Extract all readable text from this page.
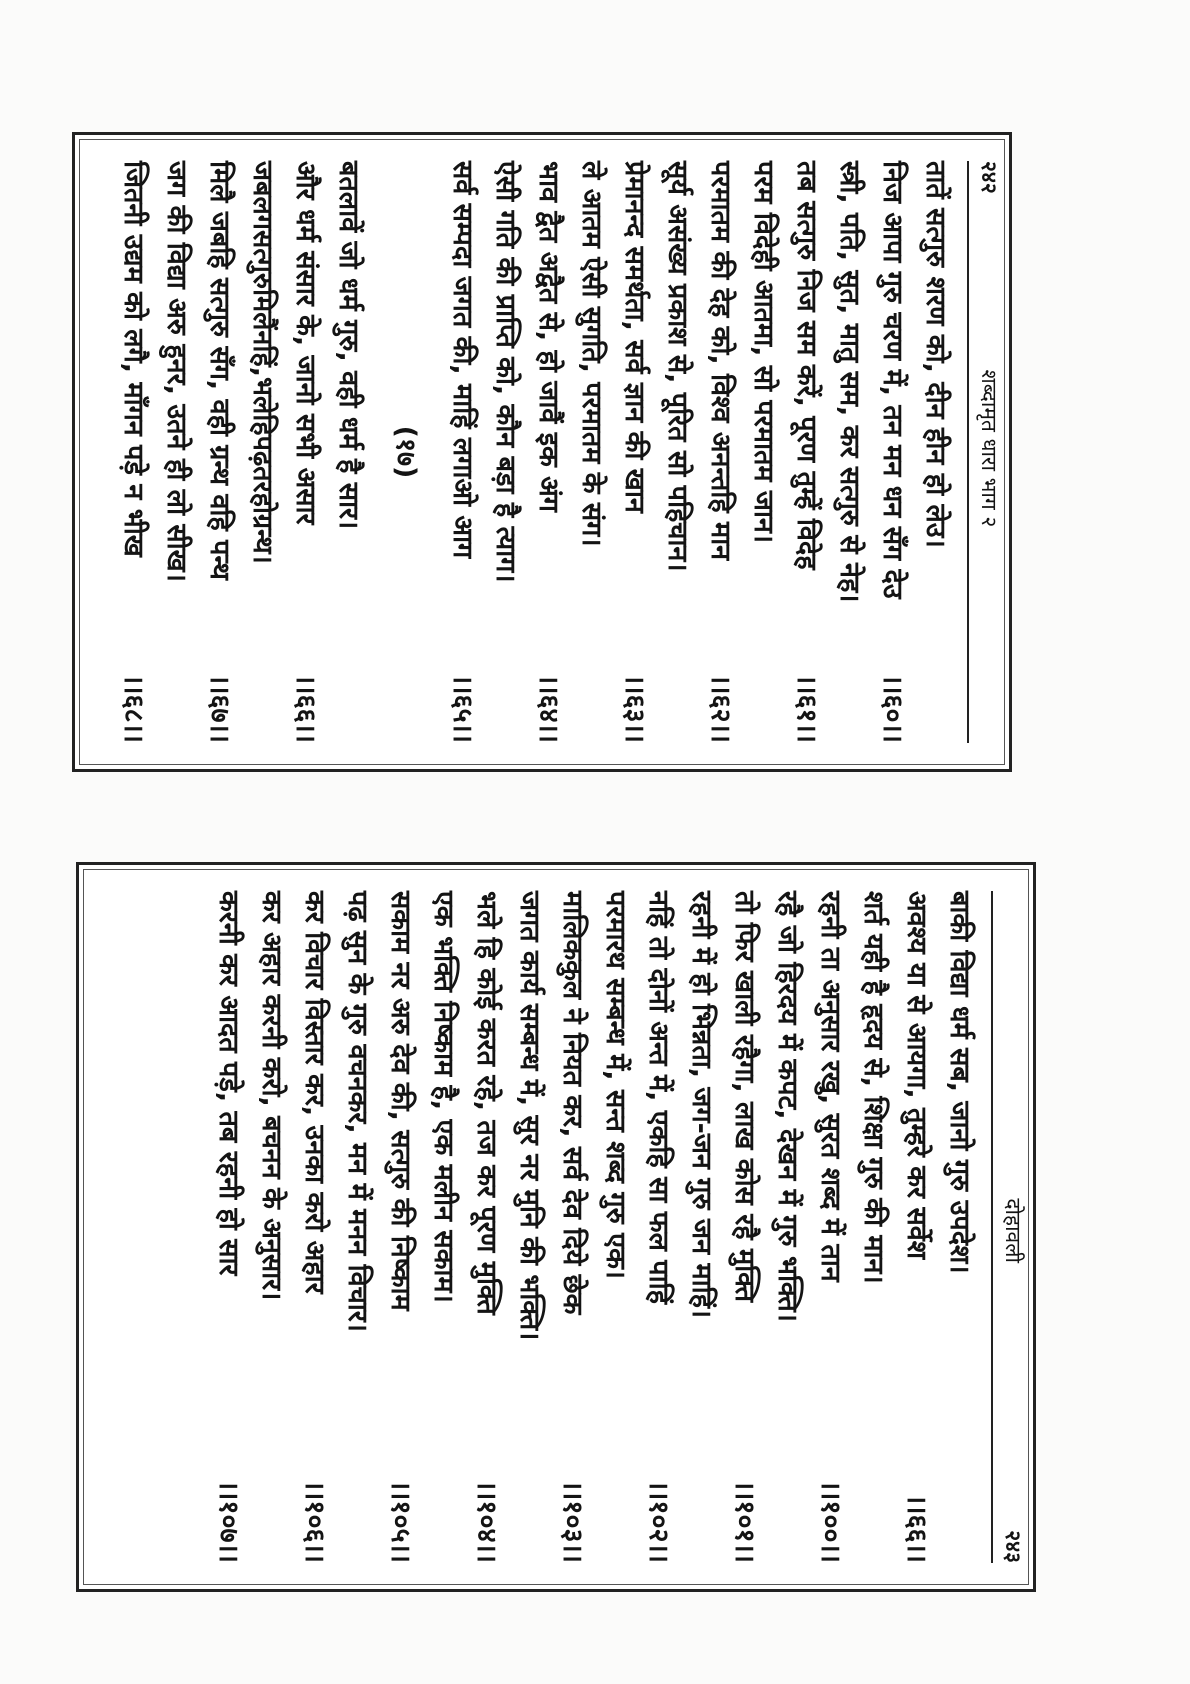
२४२
शब्दामृत धारा भाग २
तातें सत्गुरु शरण को, दीन हीन हो लेउ।
निज आपा गुरु चरण में, तन मन धन सँग देउ
।।६०।।
स्त्री, पति, सुत, मातु सम, कर सत्गुरु से नेह।
तब सत्गुरु निज सम करें, पूरण तुम्हें विदेह
।।६१।।
परम विदेही आतमा, सो परमातम जान।
परमातम की देह को, विश्व अनन्तहि मान
।।६२।।
सूर्य असंख्य प्रकाश से, पूरित सो पहिचान।
प्रेमानन्द समर्थता, सर्व ज्ञान की खान
।।६३।।
ले आतम ऐसी सुगति, परमातम के संग।
भाव द्वैत अद्वैत से, हो जावैं इक अंग
।।६४।।
ऐसी गति की प्राप्ति को, कौन बड़ा है त्याग।
सर्व सम्पदा जगत की, माहिं लगाओ आग
।।६५।।
(१७)
बतलावें जो धर्म गुरु, वही धर्म है सार।
और धर्म संसार के, जानो सभी असार
।।६६।।
जबलगसत्गुरुमिलैंनहिं,भलेहिपढ़तरहोग्रन्थ।
मिलै जबहि सत्गुरु सँग, वही ग्रन्थ वहि पन्थ
।।६७।।
जग की विद्या अरु हुनर, उतने ही लो सीख।
जितनी उद्यम को लगै, माँगन पड़े न भीख
।।६८।।
दोहावली
२४३
बाकी विद्या धर्म सब, जानो गुरु उपदेश।
अवश्य या से आयगा, तुम्हरे कर सर्वेश
।।६६।।
शर्त यही है हृदय से, शिक्षा गुरु की मान।
रहनी ता अनुसार रखु, सुरत शब्द में तान
।।१००।।
रहै जो हिरदय में कपट, देखन में गुरु भक्ति।
तो फिर खाली रहैगा, लाख कोस रहै मुक्ति
।।१०१।।
रहनी में हो भिन्नता, जग-जन गुरु जन माहिं।
नहिं तो दोनों अन्त में, एकहि सा फल पाहिं
।।१०२।।
परमारथ सम्बन्ध में, सन्त शब्द गुरु एक।
मालिककुल ने नियत कर, सर्व देव दिये छेक
।।१०३।।
जगत कार्य सम्बन्ध में, सुर नर मुनि की भक्ति।
भले हि कोई करत रहे, तज कर पूरण मुक्ति
।।१०४।।
एक भक्ति निष्काम है, एक मलीन सकाम।
सकाम नर अरु देव की, सत्गुरु की निष्काम
।।१०५।।
पढ़ सुन के गुरु वचनकर, मन में मनन विचार।
कर विचार विस्तार कर, उनका करो अहार
।।१०६।।
कर अहार करनी करो, बचनन के अनुसार।
करनी कर आदत पड़े, तब रहनी हो सार
।।१०७।।
